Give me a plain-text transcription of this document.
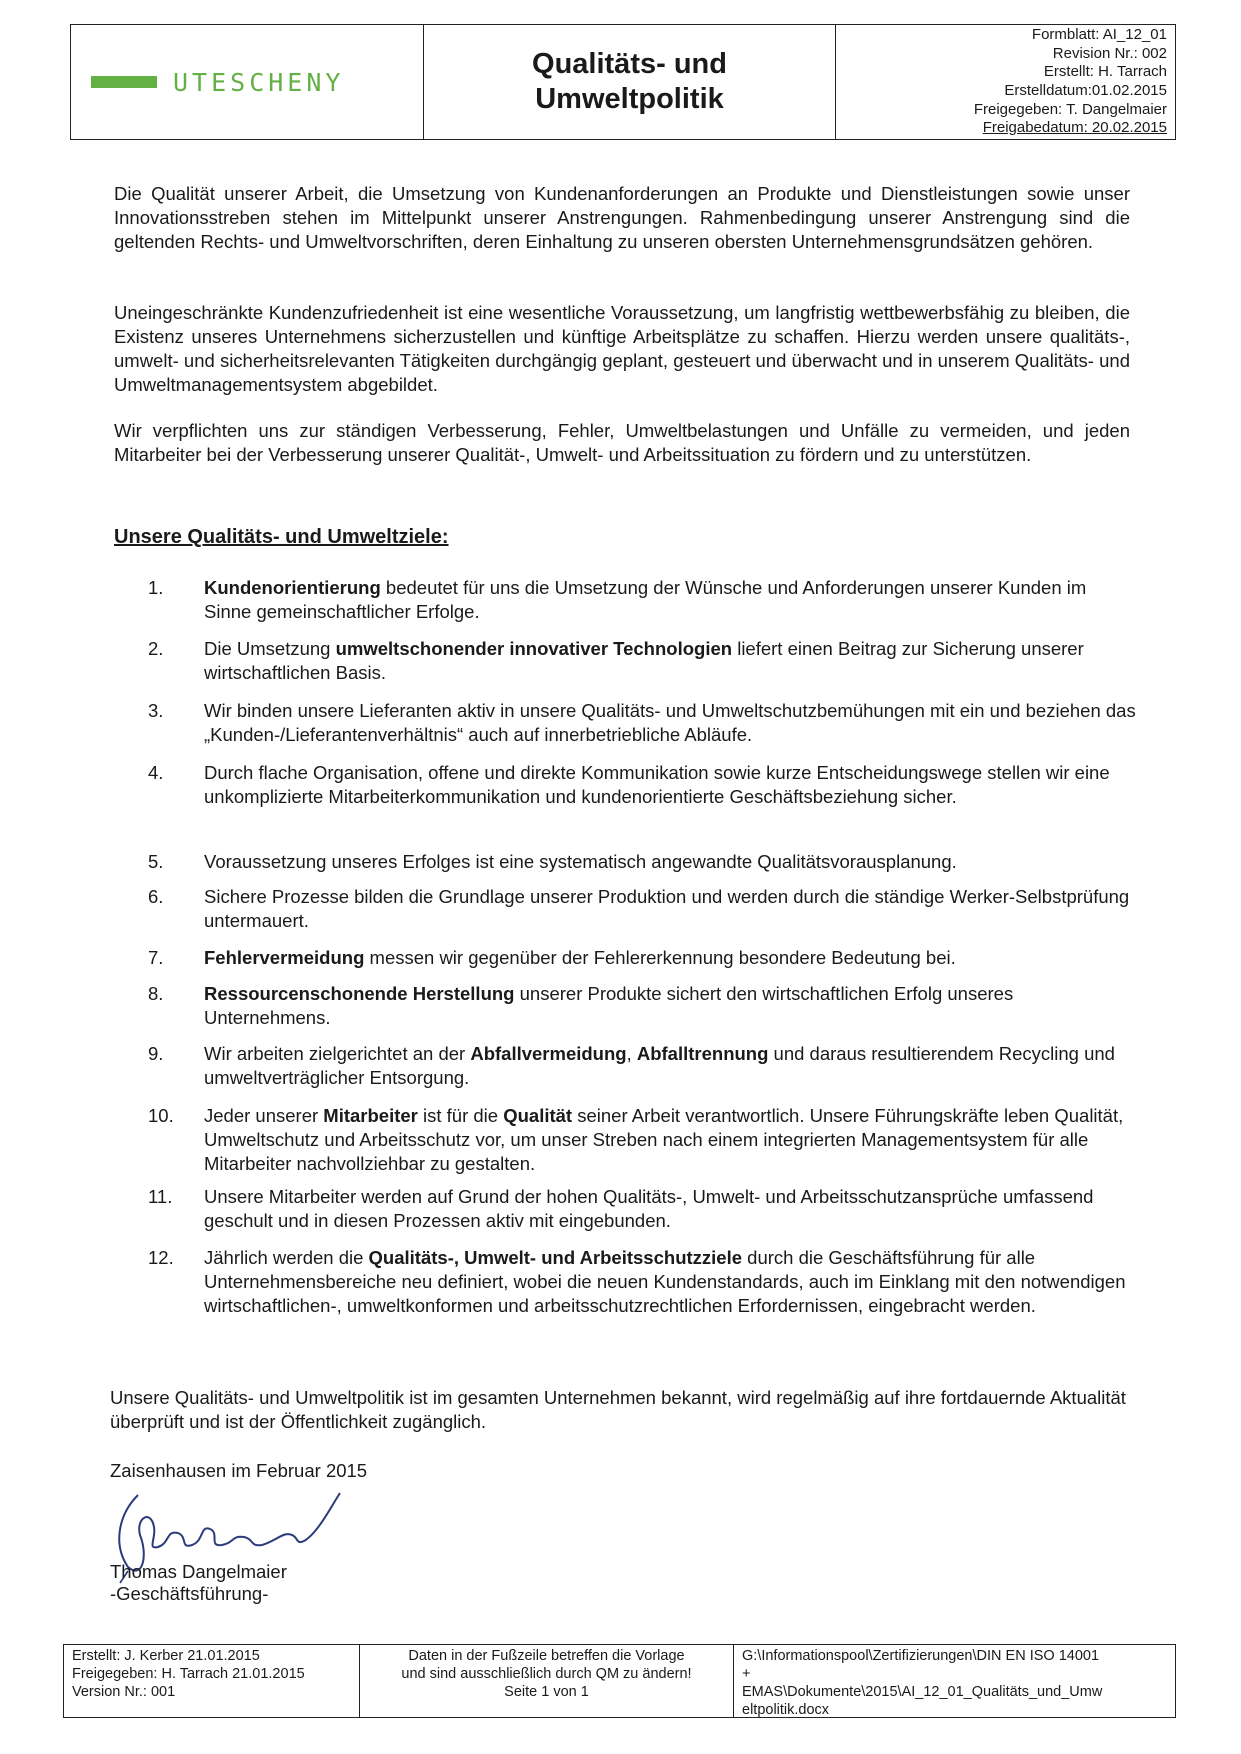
UTESCHENY
Qualitäts- und
Umweltpolitik
Formblatt: AI_12_01
Revision Nr.: 002
Erstellt: H. Tarrach
Erstelldatum:01.02.2015
Freigegeben: T. Dangelmaier
Freigabedatum: 20.02.2015

Die Qualität unserer Arbeit, die Umsetzung von Kundenanforderungen an Produkte und Dienstleistungen sowie unser Innovationsstreben stehen im Mittelpunkt unserer Anstrengungen. Rahmenbedingung unserer Anstrengung sind die geltenden Rechts- und Umweltvorschriften, deren Einhaltung zu unseren obersten Unternehmensgrundsätzen gehören.

Uneingeschränkte Kundenzufriedenheit ist eine wesentliche Voraussetzung, um langfristig wettbewerbsfähig zu bleiben, die Existenz unseres Unternehmens sicherzustellen und künftige Arbeitsplätze zu schaffen. Hierzu werden unsere qualitäts-, umwelt- und sicherheitsrelevanten Tätigkeiten durchgängig geplant, gesteuert und überwacht und in unserem Qualitäts- und Umweltmanagementsystem abgebildet.

Wir verpflichten uns zur ständigen Verbesserung, Fehler, Umweltbelastungen und Unfälle zu vermeiden, und jeden Mitarbeiter bei der Verbesserung unserer Qualität-, Umwelt- und Arbeitssituation zu fördern und zu unterstützen.

Unsere Qualitäts- und Umweltziele:
1.	Kundenorientierung bedeutet für uns die Umsetzung der Wünsche und Anforderungen unserer Kunden im Sinne gemeinschaftlicher Erfolge.
2.	Die Umsetzung umweltschonender innovativer Technologien liefert einen Beitrag zur Sicherung unserer wirtschaftlichen Basis.
3.	Wir binden unsere Lieferanten aktiv in unsere Qualitäts- und Umweltschutzbemühungen mit ein und beziehen das „Kunden-/Lieferantenverhältnis“ auch auf innerbetriebliche Abläufe.
4.	Durch flache Organisation, offene und direkte Kommunikation sowie kurze Entscheidungswege stellen wir eine unkomplizierte Mitarbeiterkommunikation und kundenorientierte Geschäftsbeziehung sicher.
5.	Voraussetzung unseres Erfolges ist eine systematisch angewandte Qualitätsvorausplanung.
6.	Sichere Prozesse bilden die Grundlage unserer Produktion und werden durch die ständige Werker-Selbstprüfung untermauert.
7.	Fehlervermeidung messen wir gegenüber der Fehlererkennung besondere Bedeutung bei.
8.	Ressourcenschonende Herstellung unserer Produkte sichert den wirtschaftlichen Erfolg unseres Unternehmens.
9.	Wir arbeiten zielgerichtet an der Abfallvermeidung, Abfalltrennung und daraus resultierendem Recycling und umweltverträglicher Entsorgung.
10.	Jeder unserer Mitarbeiter ist für die Qualität seiner Arbeit verantwortlich. Unsere Führungskräfte leben Qualität, Umweltschutz und Arbeitsschutz vor, um unser Streben nach einem integrierten Managementsystem für alle Mitarbeiter nachvollziehbar zu gestalten.
11.	Unsere Mitarbeiter werden auf Grund der hohen Qualitäts-, Umwelt- und Arbeitsschutzansprüche umfassend geschult und in diesen Prozessen aktiv mit eingebunden.
12.	Jährlich werden die Qualitäts-, Umwelt- und Arbeitsschutzziele durch die Geschäftsführung für alle Unternehmensbereiche neu definiert, wobei die neuen Kundenstandards, auch im Einklang mit den notwendigen wirtschaftlichen-, umweltkonformen und arbeitsschutzrechtlichen Erfordernissen, eingebracht werden.
Unsere Qualitäts- und Umweltpolitik ist im gesamten Unternehmen bekannt, wird regelmäßig auf ihre fortdauernde Aktualität überprüft und ist der Öffentlichkeit zugänglich.
Zaisenhausen im Februar 2015
Thomas Dangelmaier
-Geschäftsführung-
Erstellt: J. Kerber 21.01.2015
Freigegeben: H. Tarrach 21.01.2015
Version Nr.: 001
Daten in der Fußzeile betreffen die Vorlage
und sind ausschließlich durch QM zu ändern!
Seite 1 von 1
G:\Informationspool\Zertifizierungen\DIN EN ISO 14001
+
EMAS\Dokumente\2015\AI_12_01_Qualitäts_und_Umw
eltpolitik.docx
